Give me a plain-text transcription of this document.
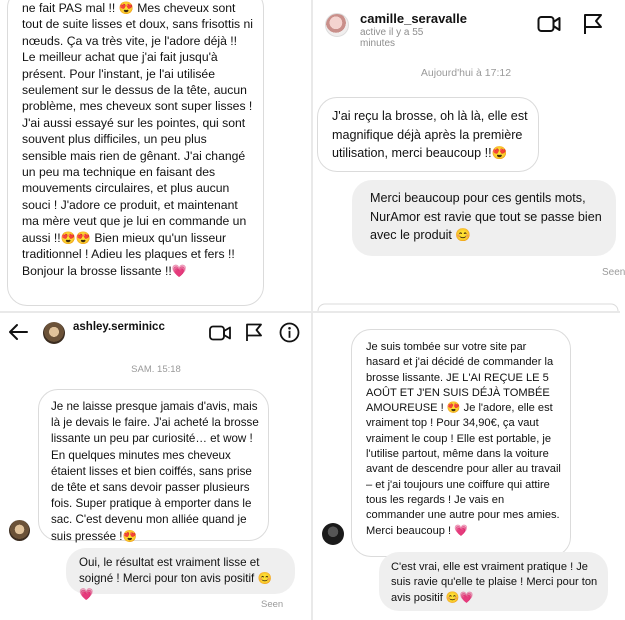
ne fait PAS mal !! 😍 Mes cheveux sont tout de suite lisses et doux, sans frisottis ni nœuds. Ça va très vite, je l'adore déjà !! Le meilleur achat que j'ai fait jusqu'à présent. Pour l'instant, je l'ai utilisée seulement sur le dessus de la tête, aucun problème, mes cheveux sont super lisses ! J'ai aussi essayé sur les pointes, qui sont souvent plus difficiles, un peu plus sensible mais rien de gênant. J'ai changé un peu ma technique en faisant des mouvements circulaires, et plus aucun souci ! J'adore ce produit, et maintenant ma mère veut que je lui en commande un aussi !!😍😍 Bien mieux qu'un lisseur traditionnel ! Adieu les plaques et fers !! Bonjour la brosse lissante !!💗
camille_seravalle
active il y a 55 minutes
Aujourd'hui à 17:12
J'ai reçu la brosse, oh là là, elle est magnifique déjà après la première utilisation, merci beaucoup !!😍
Merci beaucoup pour ces gentils mots, NurAmor est ravie que tout se passe bien avec le produit 😊
Seen
ashley.serminicc
SAM. 15:18
Je ne laisse presque jamais d'avis, mais là je devais le faire. J'ai acheté la brosse lissante un peu par curiosité… et wow ! En quelques minutes mes cheveux étaient lisses et bien coiffés, sans prise de tête et sans devoir passer plusieurs fois. Super pratique à emporter dans le sac. C'est devenu mon alliée quand je suis pressée !😍
Oui, le résultat est vraiment lisse et soigné ! Merci pour ton avis positif 😊💗
Seen
Je suis tombée sur votre site par hasard et j'ai décidé de commander la brosse lissante. JE L'AI REÇUE LE 5 AOÛT ET J'EN SUIS DÉJÀ TOMBÉE AMOUREUSE ! 😍 Je l'adore, elle est vraiment top ! Pour 34,90€, ça vaut vraiment le coup ! Elle est portable, je l'utilise partout, même dans la voiture avant de descendre pour aller au travail – et j'ai toujours une coiffure qui attire tous les regards ! Je vais en commander une autre pour mes amies. Merci beaucoup ! 💗
C'est vrai, elle est vraiment pratique ! Je suis ravie qu'elle te plaise ! Merci pour ton avis positif 😊💗
